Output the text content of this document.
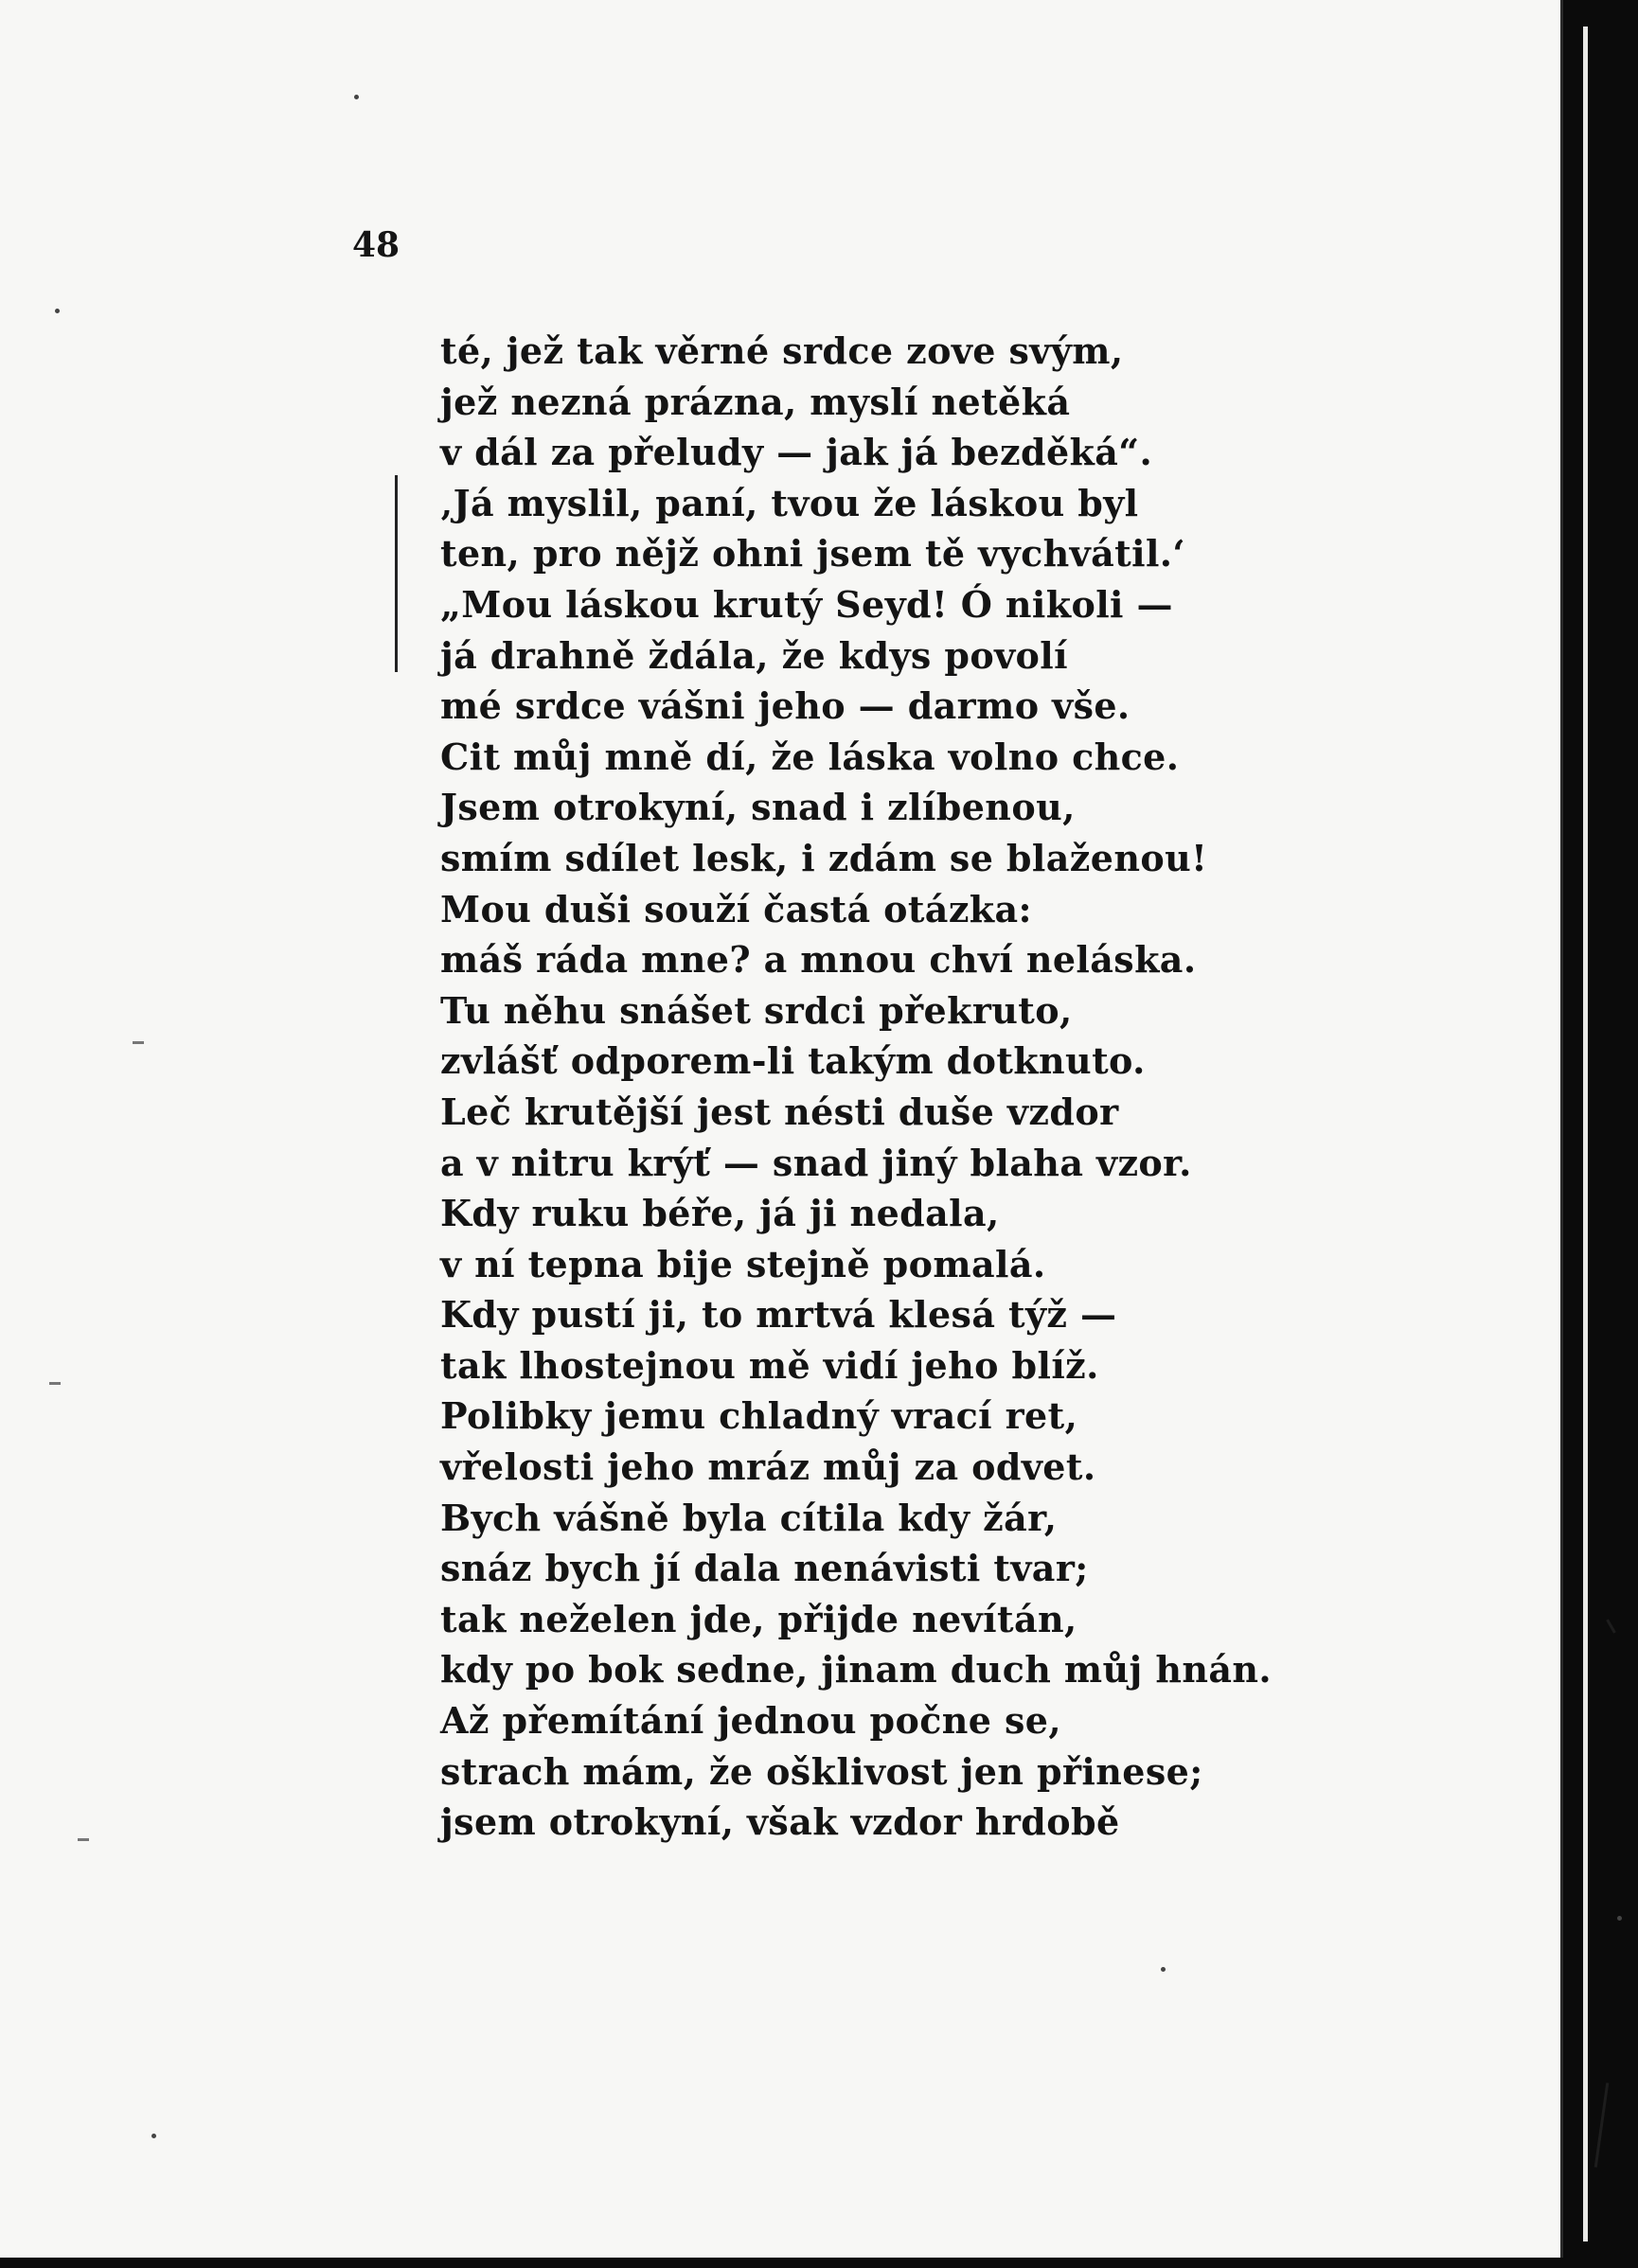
48
té, jež tak věrné srdce zove svým,
jež nezná prázna, myslí netěká
v dál za přeludy — jak já bezděká“.
‚Já myslil, paní, tvou že láskou byl
ten, pro nějž ohni jsem tě vychvátil.‘
„Mou láskou krutý Seyd! Ó nikoli —
já drahně ždála, že kdys povolí
mé srdce vášni jeho — darmo vše.
Cit můj mně dí, že láska volno chce.
Jsem otrokyní, snad i zlíbenou,
smím sdílet lesk, i zdám se blaženou!
Mou duši souží častá otázka:
máš ráda mne? a mnou chví neláska.
Tu něhu snášet srdci překruto,
zvlášť odporem-li takým dotknuto.
Leč krutější jest nésti duše vzdor
a v nitru krýť — snad jiný blaha vzor.
Kdy ruku béře, já ji nedala,
v ní tepna bije stejně pomalá.
Kdy pustí ji, to mrtvá klesá týž —
tak lhostejnou mě vidí jeho blíž.
Polibky jemu chladný vrací ret,
vřelosti jeho mráz můj za odvet.
Bych vášně byla cítila kdy žár,
snáz bych jí dala nenávisti tvar;
tak neželen jde, přijde nevítán,
kdy po bok sedne, jinam duch můj hnán.
Až přemítání jednou počne se,
strach mám, že ošklivost jen přinese;
jsem otrokyní, však vzdor hrdobě
